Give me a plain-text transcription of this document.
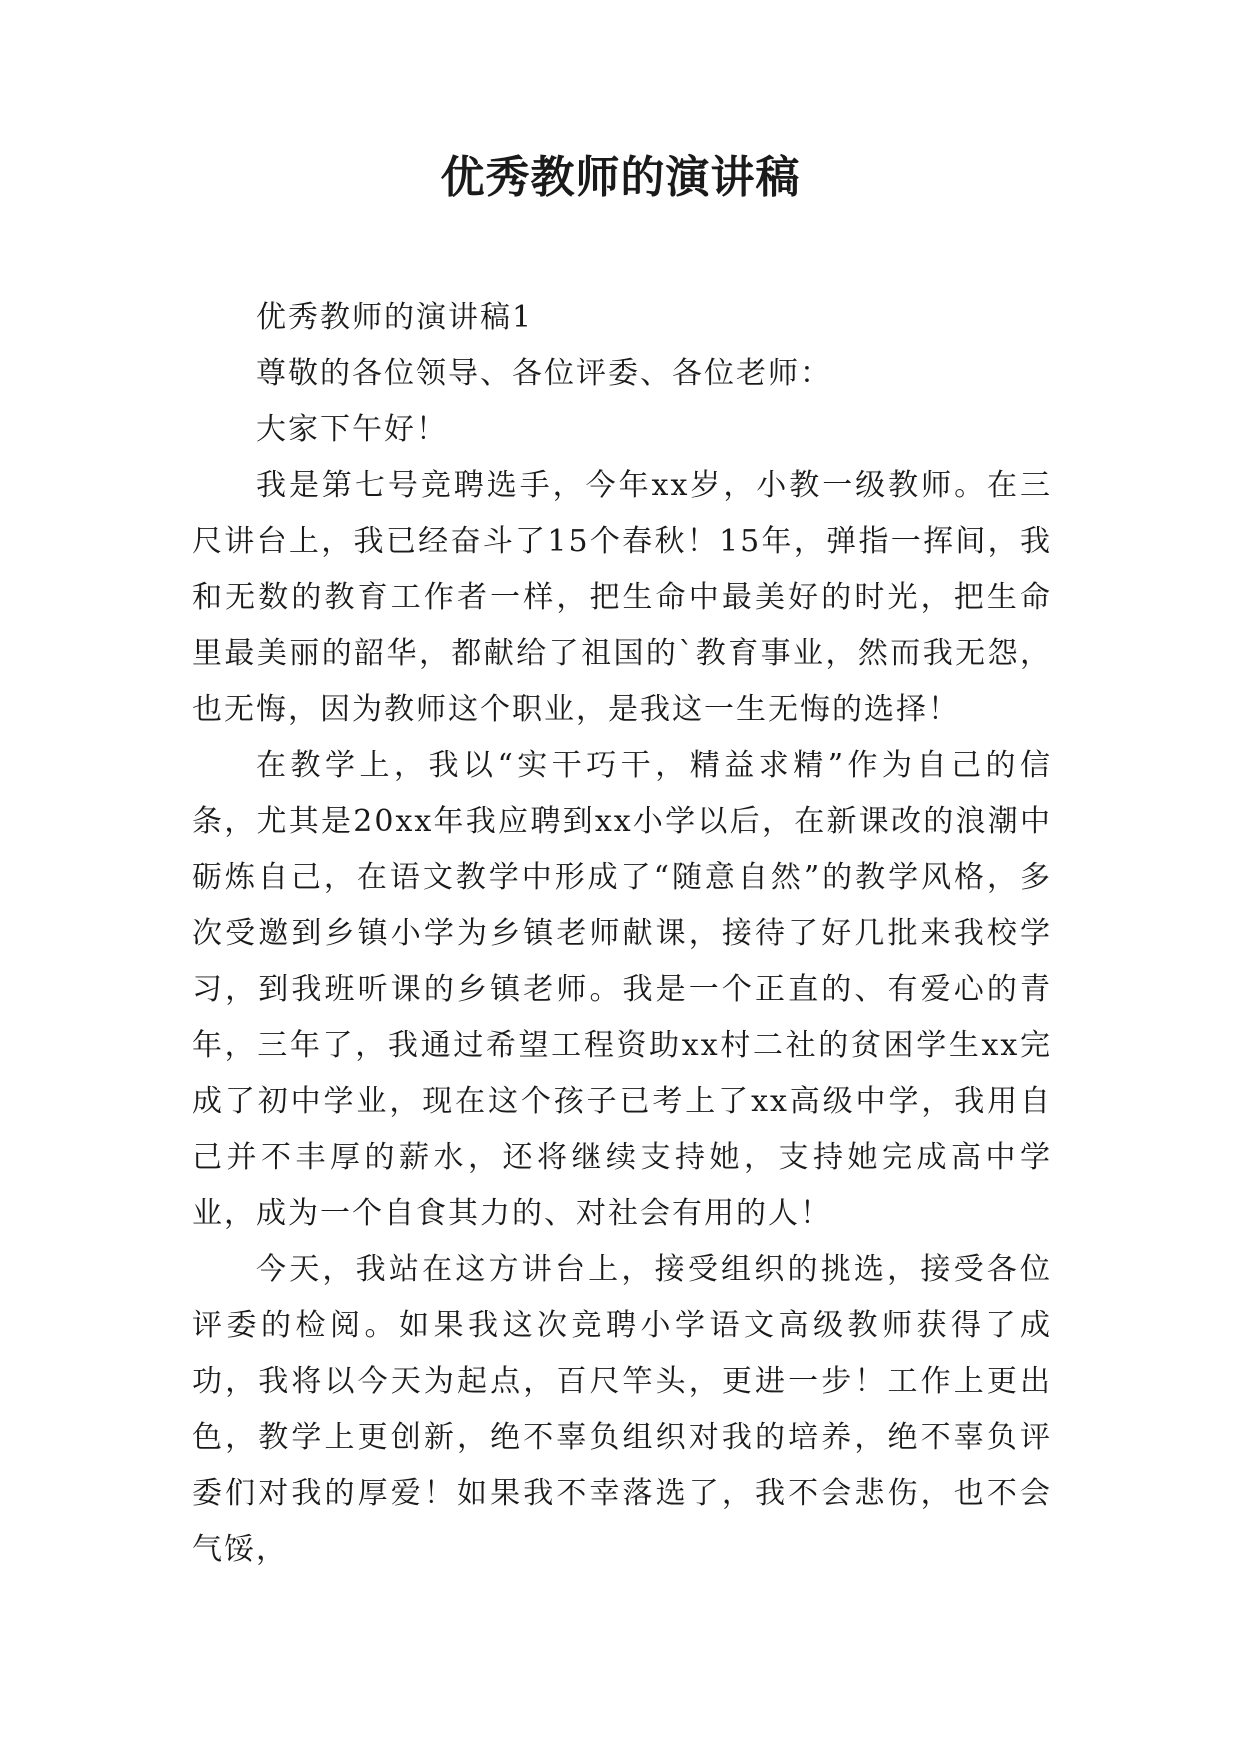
优秀教师的演讲稿

优秀教师的演讲稿1

尊敬的各位领导、各位评委、各位老师：

大家下午好！

我是第七号竞聘选手，今年xx岁，小教一级教师。在三尺讲台上，我已经奋斗了15个春秋！15年，弹指一挥间，我和无数的教育工作者一样，把生命中最美好的时光，把生命里最美丽的韶华，都献给了祖国的`教育事业，然而我无怨，也无悔，因为教师这个职业，是我这一生无悔的选择！

在教学上，我以“实干巧干，精益求精”作为自己的信条，尤其是20xx年我应聘到xx小学以后，在新课改的浪潮中砺炼自己，在语文教学中形成了“随意自然”的教学风格，多次受邀到乡镇小学为乡镇老师献课，接待了好几批来我校学习，到我班听课的乡镇老师。我是一个正直的、有爱心的青年，三年了，我通过希望工程资助xx村二社的贫困学生xx完成了初中学业，现在这个孩子已考上了xx高级中学，我用自己并不丰厚的薪水，还将继续支持她，支持她完成高中学业，成为一个自食其力的、对社会有用的人！

今天，我站在这方讲台上，接受组织的挑选，接受各位评委的检阅。如果我这次竞聘小学语文高级教师获得了成功，我将以今天为起点，百尺竿头，更进一步！工作上更出色，教学上更创新，绝不辜负组织对我的培养，绝不辜负评委们对我的厚爱！如果我不幸落选了，我不会悲伤，也不会气馁，
